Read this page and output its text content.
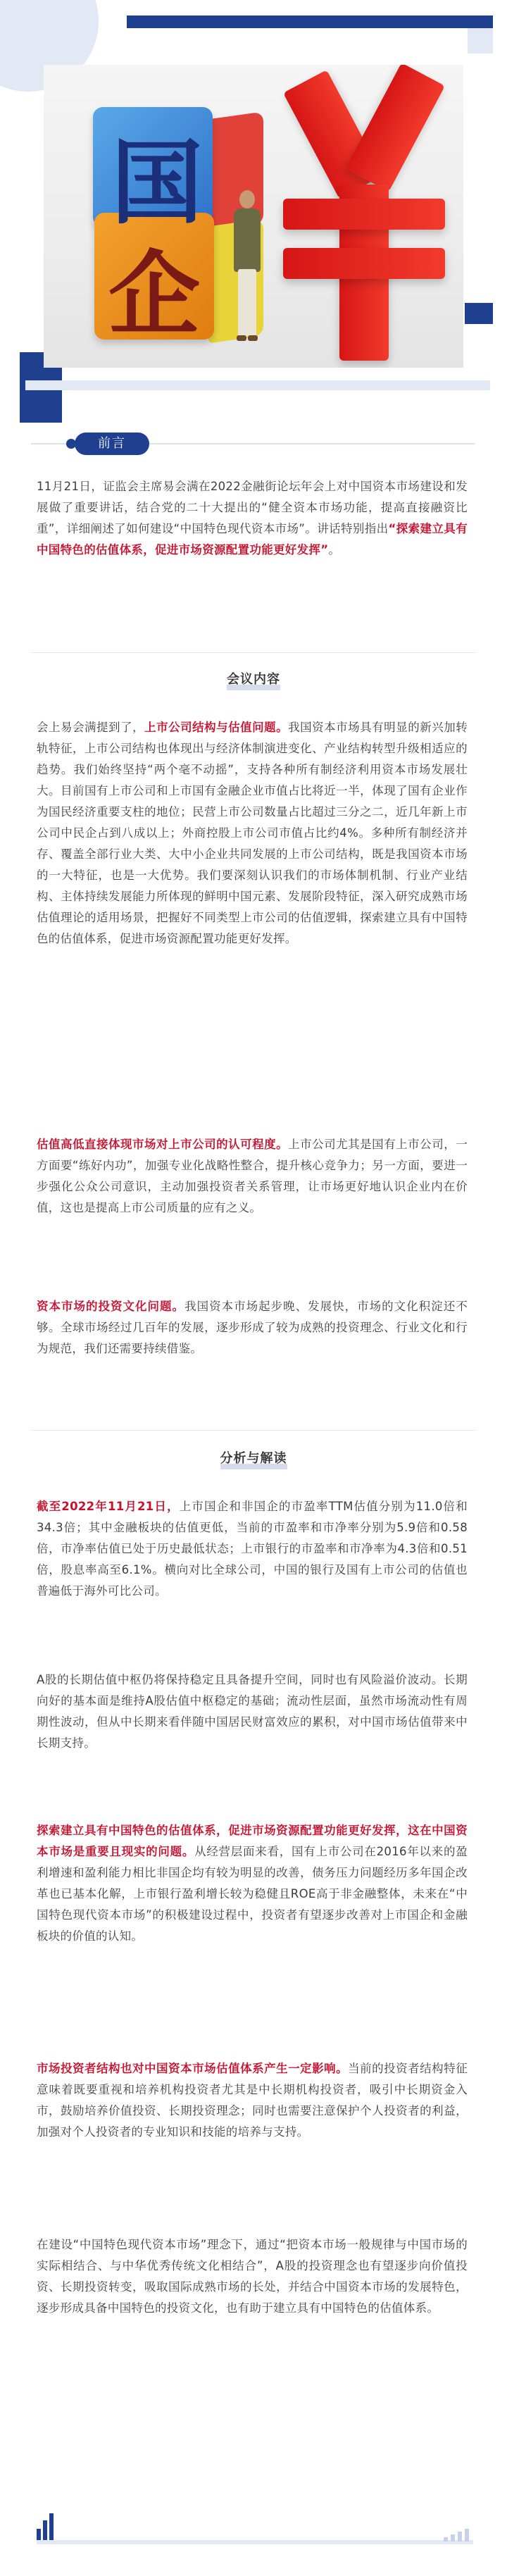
国
企
前言

11月21日，证监会主席易会满在2022金融街论坛年会上对中国资本市场建设和发展做了重要讲话，结合党的二十大提出的“健全资本市场功能，提高直接融资比重”，详细阐述了如何建设“中国特色现代资本市场”。讲话特别指出“探索建立具有中国特色的估值体系，促进市场资源配置功能更好发挥”。

会议内容

会上易会满提到了，上市公司结构与估值问题。我国资本市场具有明显的新兴加转轨特征，上市公司结构也体现出与经济体制演进变化、产业结构转型升级相适应的趋势。我们始终坚持“两个毫不动摇”，支持各种所有制经济利用资本市场发展壮大。目前国有上市公司和上市国有金融企业市值占比将近一半，体现了国有企业作为国民经济重要支柱的地位；民营上市公司数量占比超过三分之二，近几年新上市公司中民企占到八成以上；外商控股上市公司市值占比约4%。多种所有制经济并存、覆盖全部行业大类、大中小企业共同发展的上市公司结构，既是我国资本市场的一大特征，也是一大优势。我们要深刻认识我们的市场体制机制、行业产业结构、主体持续发展能力所体现的鲜明中国元素、发展阶段特征，深入研究成熟市场估值理论的适用场景，把握好不同类型上市公司的估值逻辑，探索建立具有中国特色的估值体系，促进市场资源配置功能更好发挥。

估值高低直接体现市场对上市公司的认可程度。上市公司尤其是国有上市公司，一方面要“练好内功”，加强专业化战略性整合，提升核心竞争力；另一方面，要进一步强化公众公司意识，主动加强投资者关系管理，让市场更好地认识企业内在价值，这也是提高上市公司质量的应有之义。

资本市场的投资文化问题。我国资本市场起步晚、发展快，市场的文化积淀还不够。全球市场经过几百年的发展，逐步形成了较为成熟的投资理念、行业文化和行为规范，我们还需要持续借鉴。

分析与解读

截至2022年11月21日，上市国企和非国企的市盈率TTM估值分别为11.0倍和34.3倍；其中金融板块的估值更低，当前的市盈率和市净率分别为5.9倍和0.58倍，市净率估值已处于历史最低状态；上市银行的市盈率和市净率为4.3倍和0.51倍，股息率高至6.1%。横向对比全球公司，中国的银行及国有上市公司的估值也普遍低于海外可比公司。

A股的长期估值中枢仍将保持稳定且具备提升空间，同时也有风险溢价波动。长期向好的基本面是维持A股估值中枢稳定的基础；流动性层面，虽然市场流动性有周期性波动，但从中长期来看伴随中国居民财富效应的累积，对中国市场估值带来中长期支持。

探索建立具有中国特色的估值体系，促进市场资源配置功能更好发挥，这在中国资本市场是重要且现实的问题。从经营层面来看，国有上市公司在2016年以来的盈利增速和盈利能力相比非国企均有较为明显的改善，债务压力问题经历多年国企改革也已基本化解，上市银行盈利增长较为稳健且ROE高于非金融整体，未来在“中国特色现代资本市场”的积极建设过程中，投资者有望逐步改善对上市国企和金融板块的价值的认知。

市场投资者结构也对中国资本市场估值体系产生一定影响。当前的投资者结构特征意味着既要重视和培养机构投资者尤其是中长期机构投资者，吸引中长期资金入市，鼓励培养价值投资、长期投资理念；同时也需要注意保护个人投资者的利益，加强对个人投资者的专业知识和技能的培养与支持。

在建设“中国特色现代资本市场”理念下，通过“把资本市场一般规律与中国市场的实际相结合、与中华优秀传统文化相结合”，A股的投资理念也有望逐步向价值投资、长期投资转变，吸取国际成熟市场的长处，并结合中国资本市场的发展特色，逐步形成具备中国特色的投资文化，也有助于建立具有中国特色的估值体系。
